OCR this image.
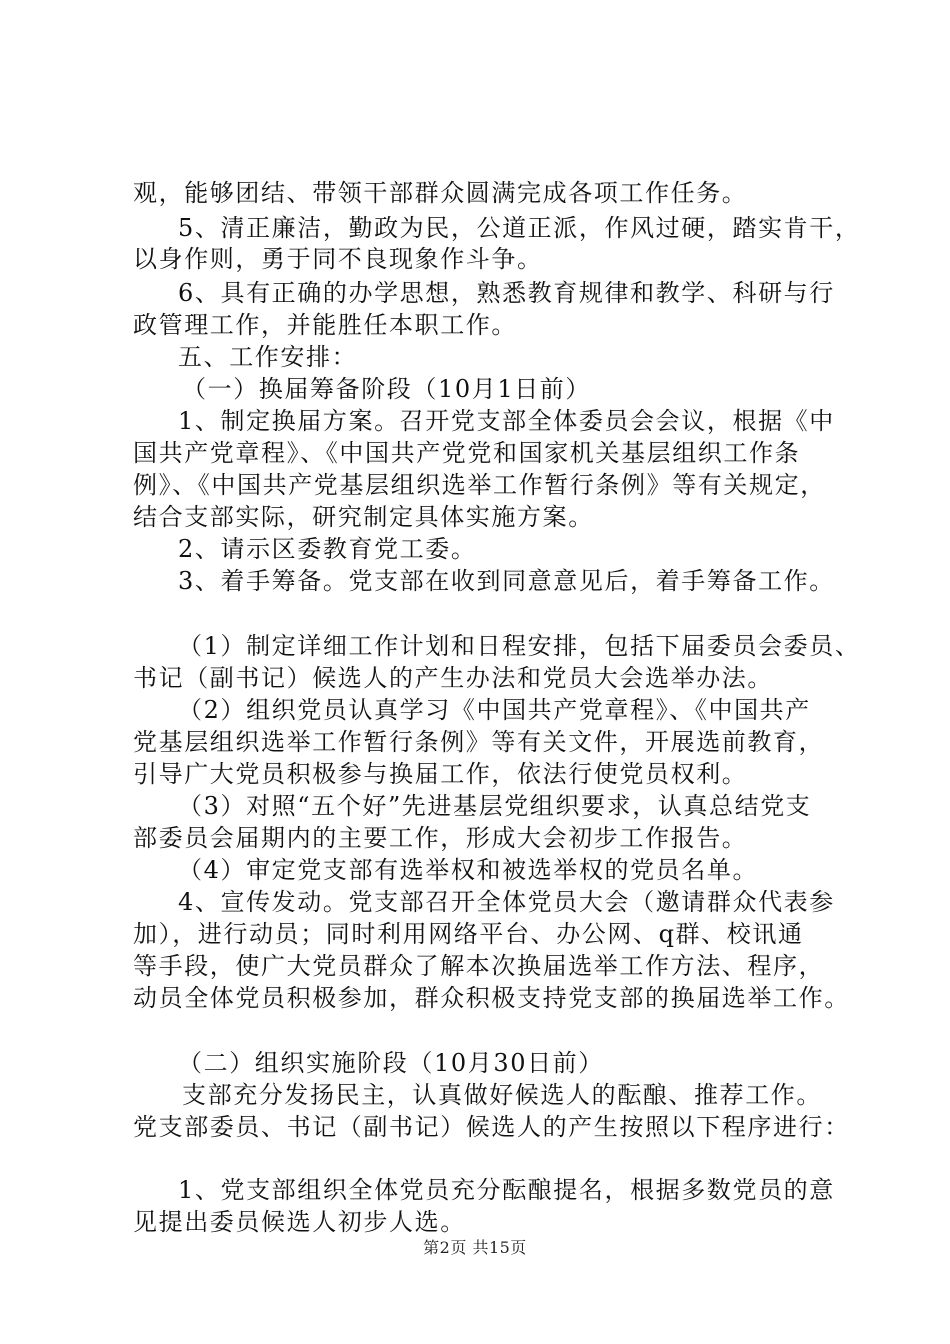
观，能够团结、带领干部群众圆满完成各项工作任务。
5、清正廉洁，勤政为民，公道正派，作风过硬，踏实肯干，
以身作则，勇于同不良现象作斗争。
6、具有正确的办学思想，熟悉教育规律和教学、科研与行
政管理工作，并能胜任本职工作。
五、工作安排：
（一）换届筹备阶段（10月1日前）
1、制定换届方案。召开党支部全体委员会会议，根据《中
国共产党章程》、《中国共产党党和国家机关基层组织工作条
例》、《中国共产党基层组织选举工作暂行条例》等有关规定，
结合支部实际，研究制定具体实施方案。
2、请示区委教育党工委。
3、着手筹备。党支部在收到同意意见后，着手筹备工作。
（1）制定详细工作计划和日程安排，包括下届委员会委员、
书记（副书记）候选人的产生办法和党员大会选举办法。
（2）组织党员认真学习《中国共产党章程》、《中国共产
党基层组织选举工作暂行条例》等有关文件，开展选前教育，
引导广大党员积极参与换届工作，依法行使党员权利。
（3）对照“五个好”先进基层党组织要求，认真总结党支
部委员会届期内的主要工作，形成大会初步工作报告。
（4）审定党支部有选举权和被选举权的党员名单。
4、宣传发动。党支部召开全体党员大会（邀请群众代表参
加），进行动员；同时利用网络平台、办公网、q群、校讯通
等手段，使广大党员群众了解本次换届选举工作方法、程序，
动员全体党员积极参加，群众积极支持党支部的换届选举工作。
（二）组织实施阶段（10月30日前）
支部充分发扬民主，认真做好候选人的酝酿、推荐工作。
党支部委员、书记（副书记）候选人的产生按照以下程序进行：
1、党支部组织全体党员充分酝酿提名，根据多数党员的意
见提出委员候选人初步人选。
第2页 共15页
